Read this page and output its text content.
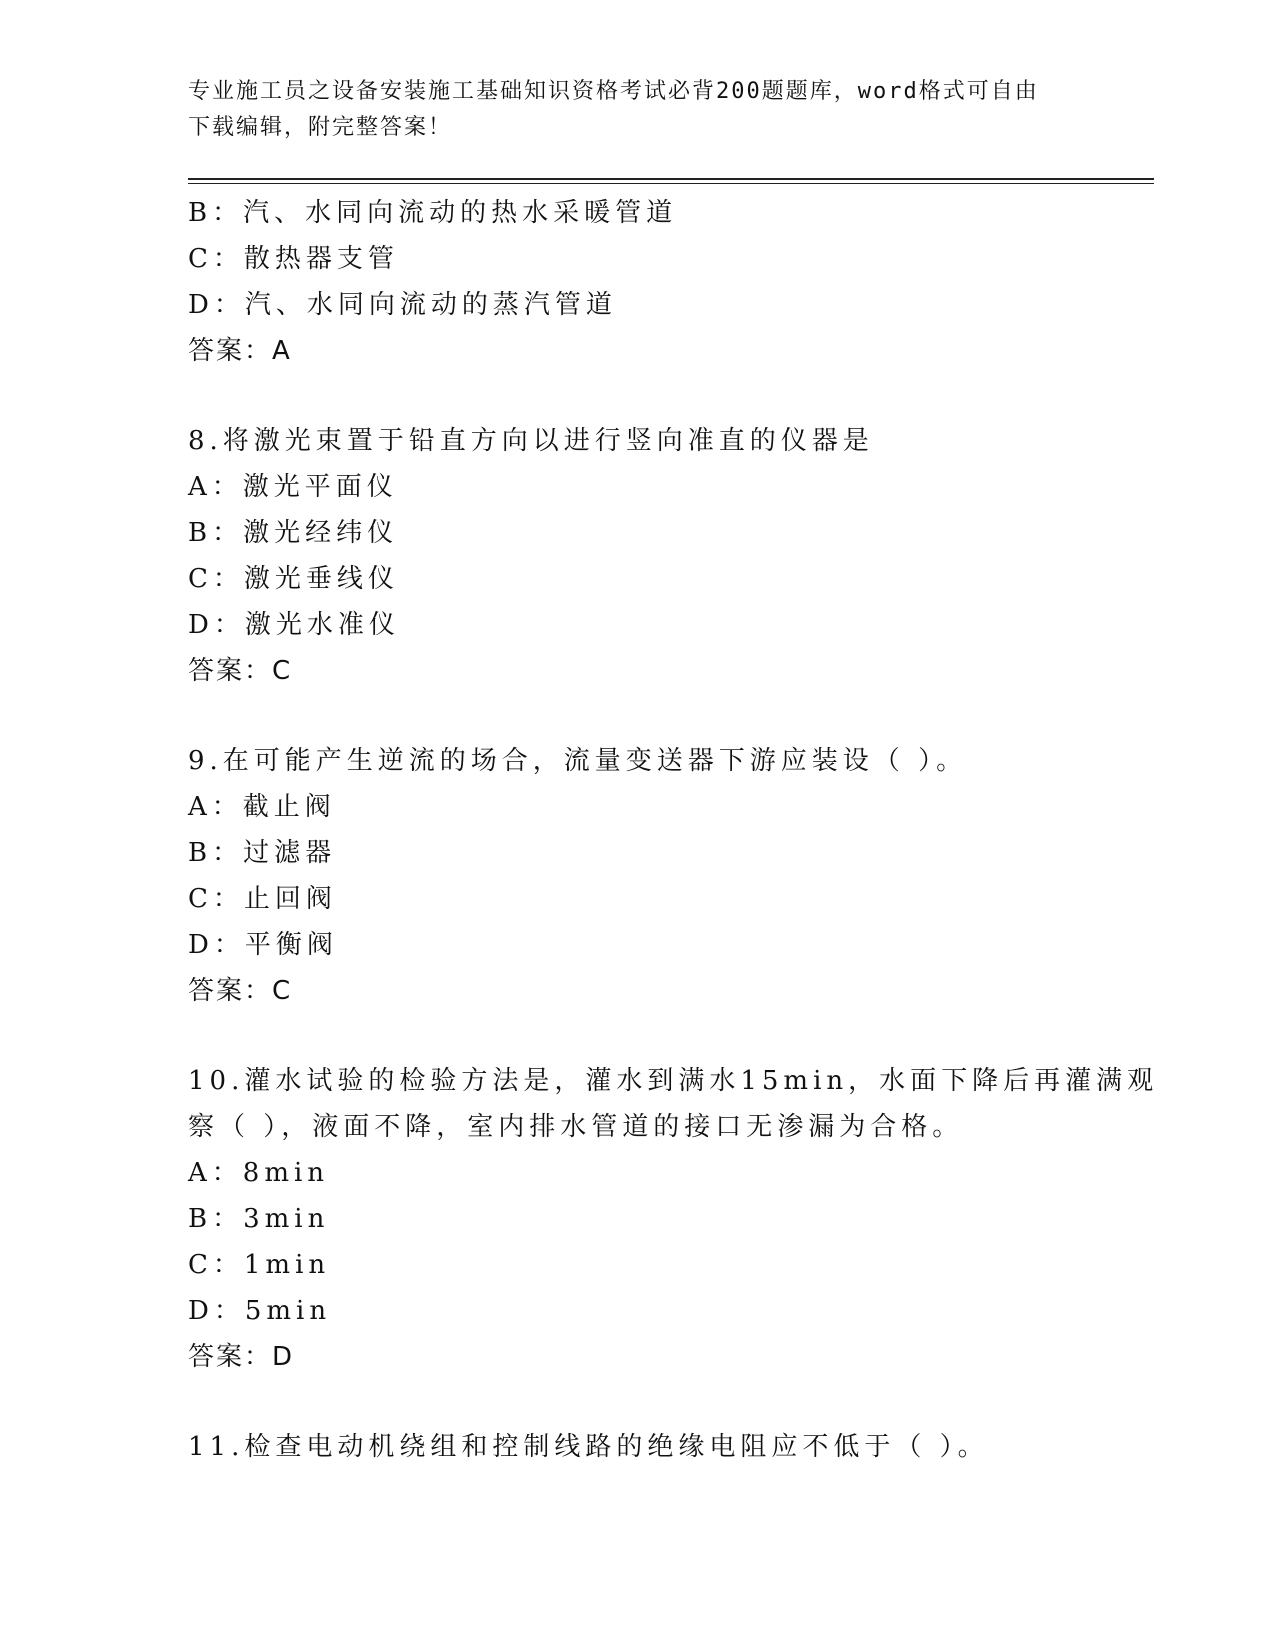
专业施工员之设备安装施工基础知识资格考试必背200题题库，word格式可自由
下载编辑，附完整答案！
B：汽、水同向流动的热水采暖管道
C：散热器支管
D：汽、水同向流动的蒸汽管道
答案：A
8.将激光束置于铅直方向以进行竖向准直的仪器是
A：激光平面仪
B：激光经纬仪
C：激光垂线仪
D：激光水准仪
答案：C
9.在可能产生逆流的场合，流量变送器下游应装设（ ）。
A：截止阀
B：过滤器
C：止回阀
D：平衡阀
答案：C
10.灌水试验的检验方法是，灌水到满水15min，水面下降后再灌满观
察（ ），液面不降，室内排水管道的接口无渗漏为合格。
A：8min
B：3min
C：1min
D：5min
答案：D
11.检查电动机绕组和控制线路的绝缘电阻应不低于（ ）。
